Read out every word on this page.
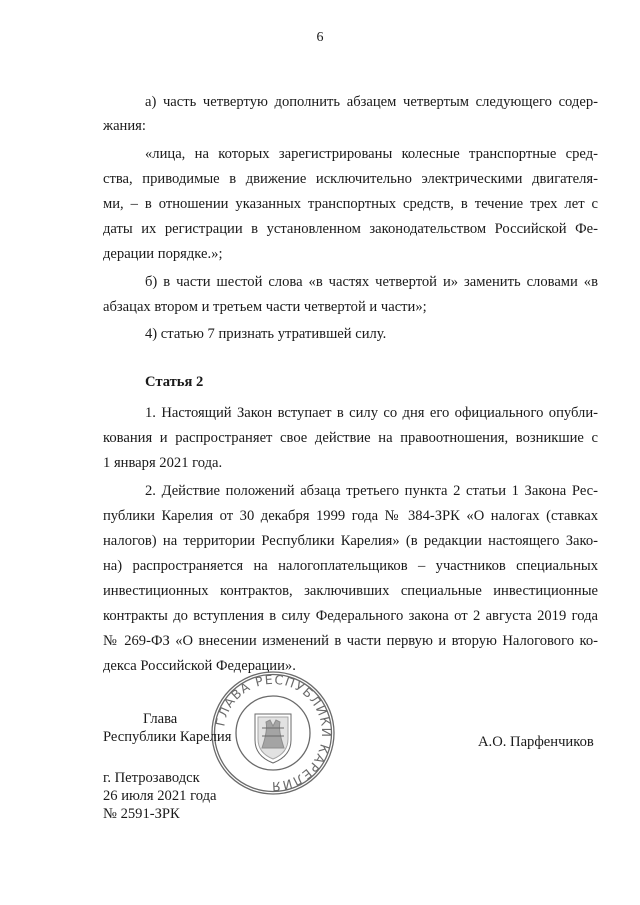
6
а) часть четвертую дополнить абзацем четвертым следующего содер-
жания:
«лица, на которых зарегистрированы колесные транспортные сред-
ства, приводимые в движение исключительно электрическими двигателя-
ми, – в отношении указанных транспортных средств, в течение трех лет с
даты их регистрации в установленном законодательством Российской Фе-
дерации порядке.»;
б) в части шестой слова «в частях четвертой и» заменить словами «в
абзацах втором и третьем части четвертой и части»;
4) статью 7 признать утратившей силу.
Статья 2
1. Настоящий Закон вступает в силу со дня его официального опубли-
кования и распространяет свое действие на правоотношения, возникшие с
1 января 2021 года.
2. Действие положений абзаца третьего пункта 2 статьи 1 Закона Рес-
публики Карелия от 30 декабря 1999 года № 384-ЗРК «О налогах (ставках
налогов) на территории Республики Карелия» (в редакции настоящего Зако-
на) распространяется на налогоплательщиков – участников специальных
инвестиционных контрактов, заключивших специальные инвестиционные
контракты до вступления в силу Федерального закона от 2 августа 2019 года
№ 269-ФЗ «О внесении изменений в части первую и вторую Налогового ко-
декса Российской Федерации».
ГЛАВА РЕСПУБЛИКИ КАРЕЛИЯ
Глава
Республики Карелия	А.О. Парфенчиков
г. Петрозаводск
26 июля 2021 года
№ 2591-ЗРК
